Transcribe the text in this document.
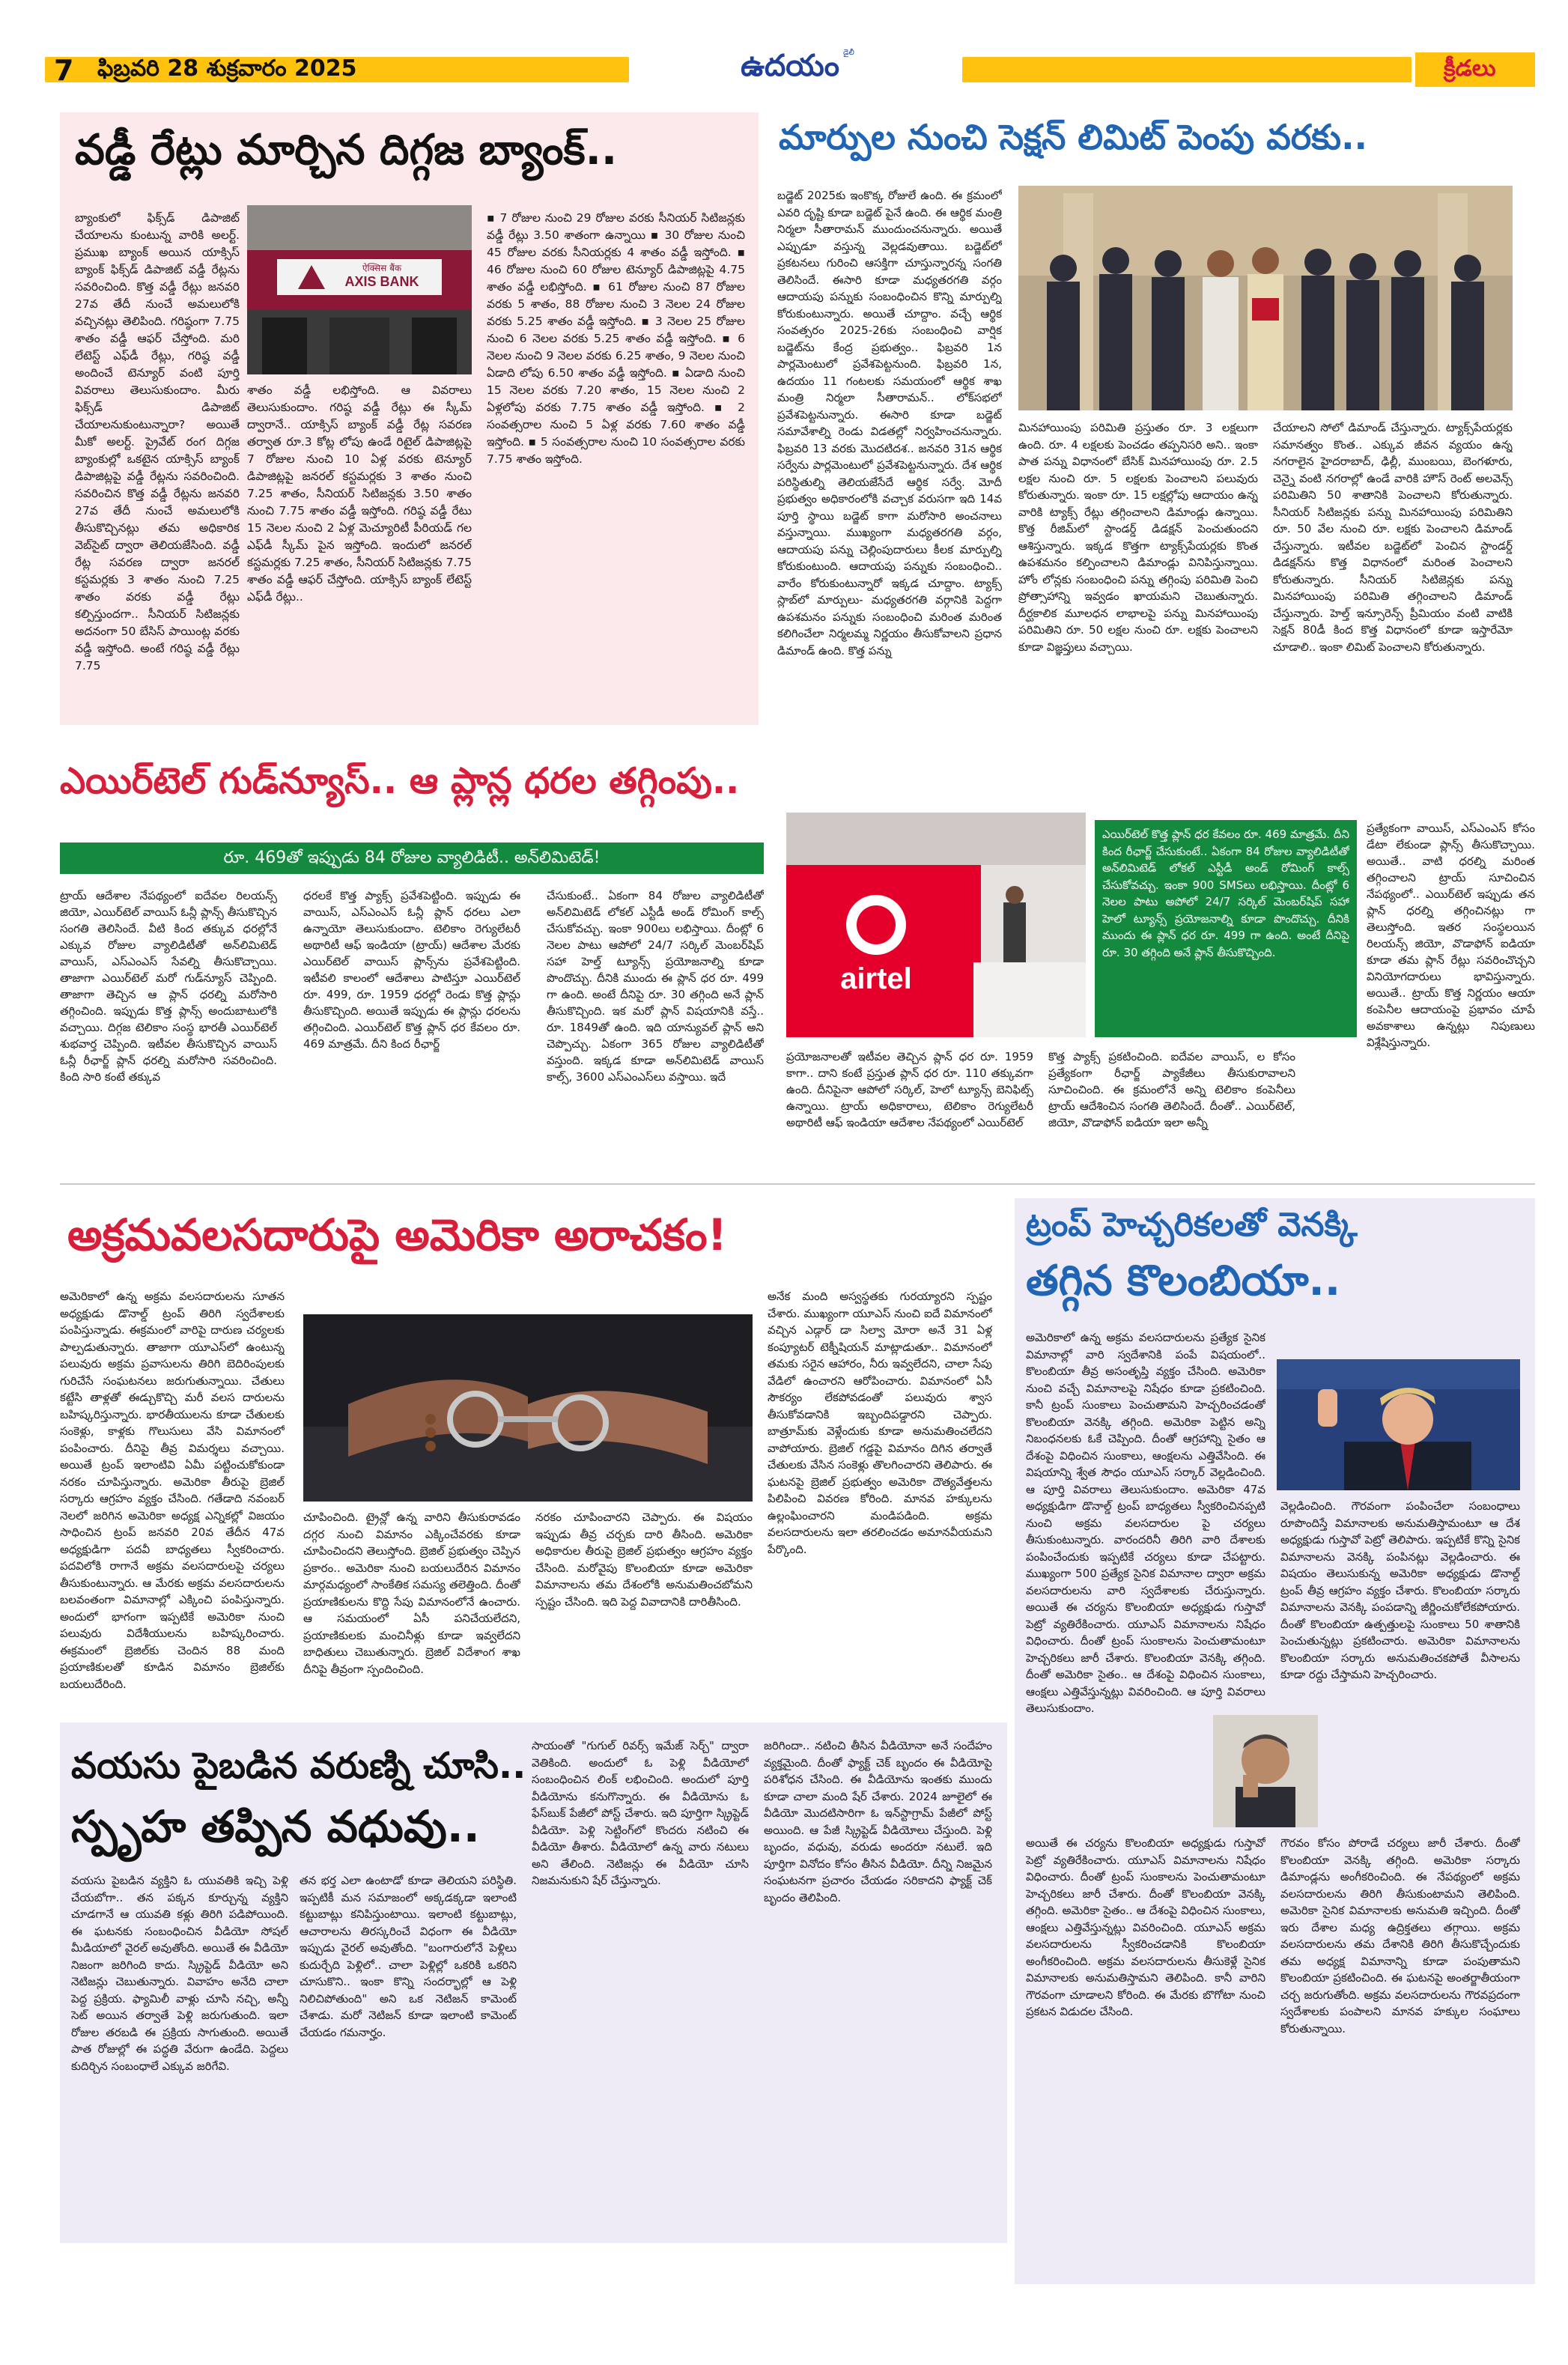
7 ఫిబ్రవరి 28 శుక్రవారం 2025	ఉదయం $^{డైలీ}$
క్రీడలు
వడ్డీ రేట్లు మార్చిన దిగ్గజ బ్యాంక్..
బ్యాంకులో ఫిక్స్‌డ్ డిపాజిట్ చేయాలను కుంటున్న వారికి అలర్ట్. ప్రముఖ బ్యాంక్ అయిన యాక్సిస్ బ్యాంక్ ఫిక్స్‌డ్ డిపాజిట్ వడ్డీ రేట్లను సవరించింది. కొత్త వడ్డీ రేట్లు జనవరి 27వ తేదీ నుంచే అమలులోకి వచ్చినట్లు తెలిపింది. గరిష్ఠంగా 7.75 శాతం వడ్డీ ఆఫర్ చేస్తోంది. మరి లేటెస్ట్ ఎఫ్‌డీ రేట్లు, గరిష్ఠ వడ్డీ అందించే టెన్యూర్ వంటి పూర్తి వివరాలు తెలుసుకుందాం. మీరు ఫిక్స్‌డ్ డిపాజిట్ చేయాలనుకుంటున్నారా? అయితే మీకో అలర్ట్. ప్రైవేట్ రంగ దిగ్గజ బ్యాంకుల్లో ఒకటైన యాక్సిస్ బ్యాంక్ డిపాజిట్లపై వడ్డీ రేట్లను సవరించింది. సవరించిన కొత్త వడ్డీ రేట్లను జనవరి 27వ తేదీ నుంచే అమలులోకి తీసుకొచ్చినట్లు తమ అధికారిక వెబ్‌సైట్ ద్వారా తెలియజేసింది. వడ్డీ రేట్ల సవరణ ద్వారా జనరల్ కస్టమర్లకు 3 శాతం నుంచి 7.25 శాతం వరకు వడ్డీ రేట్లు కల్పిస్తుందగా.. సీనియర్ సిటిజన్లకు అదనంగా 50 బేసిస్ పాయింట్ల వరకు వడ్డీ ఇస్తోంది. అంటే గరిష్ఠ వడ్డీ రేట్లు 7.75
AXIS BANK
ऐक्सिस बैंक
శాతం వడ్డీ లభిస్తోంది. ఆ వివరాలు తెలుసుకుందాం. గరిష్ఠ వడ్డీ రేట్లు ఈ స్కీమ్ ద్వారానే.. యాక్సిస్ బ్యాంక్ వడ్డీ రేట్ల సవరణ తర్వాత రూ.3 కోట్ల లోపు ఉండే రిటైల్ డిపాజిట్లపై 7 రోజుల నుంచి 10 ఏళ్ల వరకు టెన్యూర్ డిపాజిట్లపై జనరల్ కస్టమర్లకు 3 శాతం నుంచి 7.25 శాతం, సీనియర్ సిటిజన్లకు 3.50 శాతం నుంచి 7.75 శాతం వడ్డీ ఇస్తోంది. గరిష్ఠ వడ్డీ రేటు 15 నెలల నుంచి 2 ఏళ్ల మెచ్యూరిటీ పీరియడ్ గల ఎఫ్‌డీ స్కీమ్ పైన ఇస్తోంది. ఇందులో జనరల్ కస్టమర్లకు 7.25 శాతం, సీనియర్ సిటిజన్లకు 7.75 శాతం వడ్డీ ఆఫర్ చేస్తోంది. యాక్సిస్ బ్యాంక్ లేటెస్ట్ ఎఫ్‌డీ రేట్లు..
▪ 7 రోజుల నుంచి 29 రోజుల వరకు సీనియర్ సిటిజన్లకు వడ్డీ రేట్లు 3.50 శాతంగా ఉన్నాయి ▪ 30 రోజుల నుంచి 45 రోజుల వరకు సీనియర్లకు 4 శాతం వడ్డీ ఇస్తోంది. ▪ 46 రోజుల నుంచి 60 రోజుల టెన్యూర్ డిపాజిట్లపై 4.75 శాతం వడ్డీ లభిస్తోంది. ▪ 61 రోజుల నుంచి 87 రోజుల వరకు 5 శాతం, 88 రోజుల నుంచి 3 నెలల 24 రోజుల వరకు 5.25 శాతం వడ్డీ ఇస్తోంది. ▪ 3 నెలల 25 రోజుల నుంచి 6 నెలల వరకు 5.25 శాతం వడ్డీ ఇస్తోంది. ▪ 6 నెలల నుంచి 9 నెలల వరకు 6.25 శాతం, 9 నెలల నుంచి ఏడాది లోపు 6.50 శాతం వడ్డీ ఇస్తోంది. ▪ ఏడాది నుంచి 15 నెలల వరకు 7.20 శాతం, 15 నెలల నుంచి 2 ఏళ్లలోపు వరకు 7.75 శాతం వడ్డీ ఇస్తోంది. ▪ 2 సంవత్సరాల నుంచి 5 ఏళ్ల వరకు 7.60 శాతం వడ్డీ ఇస్తోంది. ▪ 5 సంవత్సరాల నుంచి 10 సంవత్సరాల వరకు 7.75 శాతం ఇస్తోంది.
మార్పుల నుంచి సెక్షన్ లిమిట్ పెంపు వరకు..
బడ్జెట్ 2025కు ఇంకొక్క రోజులే ఉంది. ఈ క్రమంలో ఎవరి దృష్టి కూడా బడ్జెట్ పైనే ఉంది. ఈ ఆర్థిక మంత్రి నిర్మలా సీతారామన్ ముందుంచనున్నారు. అయితే ఎప్పుడూ వస్తున్న వెల్లడవుతాయి. బడ్జెట్‌లో ప్రకటనలు గురించి ఆసక్తిగా చూస్తున్నారన్న సంగతి తెలిసిందే. ఈసారి కూడా మధ్యతరగతి వర్గం ఆదాయపు పన్నుకు సంబంధించిన కొన్ని మార్పుల్ని కోరుకుంటున్నారు. అయితే చూద్దాం. వచ్చే ఆర్థిక సంవత్సరం 2025-26కు సంబంధించి వార్షిక బడ్జెట్‌ను కేంద్ర ప్రభుత్వం.. ఫిబ్రవరి 1న పార్లమెంటులో ప్రవేశపెట్టనుంది. ఫిబ్రవరి 1న, ఉదయం 11 గంటలకు సమయంలో ఆర్థిక శాఖ మంత్రి నిర్మలా సీతారామన్.. లోక్‌సభలో ప్రవేశపెట్టనున్నారు. ఈసారి కూడా బడ్జెట్ సమావేశాల్ని రెండు విడతల్లో నిర్వహించనున్నారు. ఫిబ్రవరి 13 వరకు మొదటిదశ.. జనవరి 31న ఆర్థిక సర్వేను పార్లమెంటులో ప్రవేశపెట్టనున్నారు. దేశ ఆర్థిక పరిస్థితుల్ని తెలియజేసేదే ఆర్థిక సర్వే. మోదీ ప్రభుత్వం అధికారంలోకి వచ్చాక వరుసగా ఇది 14వ పూర్తి స్థాయి బడ్జెట్ కాగా మరోసారి అంచనాలు వస్తున్నాయి. ముఖ్యంగా మధ్యతరగతి వర్గం, ఆదాయపు పన్ను చెల్లింపుదారులు కీలక మార్పుల్ని కోరుకుంటుంది. ఆదాయపు పన్నుకు సంబంధించి.. వారేం కోరుకుంటున్నారో ఇక్కడ చూద్దాం. ట్యాక్స్ స్లాబ్‌లో మార్పులు- మధ్యతరగతి వర్గానికి పెద్దగా ఉపశమనం పన్నుకు సంబంధించి మరింత మరింత కలిగించేలా నిర్మలమ్మ నిర్ణయం తీసుకోవాలని ప్రధాన డిమాండ్ ఉంది. కొత్త పన్ను
మినహాయింపు పరిమితి ప్రస్తుతం రూ. 3 లక్షలుగా ఉంది. రూ. 4 లక్షలకు పెంచడం తప్పనిసరి అని.. ఇంకా పాత పన్ను విధానంలో బేసిక్ మినహాయింపు రూ. 2.5 లక్షల నుంచి రూ. 5 లక్షలకు పెంచాలని పలువురు కోరుతున్నారు. ఇంకా రూ. 15 లక్షల్లోపు ఆదాయం ఉన్న వారికి ట్యాక్స్ రేట్లు తగ్గించాలని డిమాండ్లు ఉన్నాయి. కొత్త రీజిమ్‌లో స్టాండర్డ్ డిడక్షన్ పెంచుతుందని ఆశిస్తున్నారు. ఇక్కడ కొత్తగా ట్యాక్స్‌పేయర్లకు కొంత ఉపశమనం కల్పించాలని డిమాండ్లు వినిపిస్తున్నాయి. హోం లోన్లకు సంబంధించి పన్ను తగ్గింపు పరిమితి పెంచి ప్రోత్సాహాన్ని ఇవ్వడం ఖాయమని చెబుతున్నారు. దీర్ఘకాలిక మూలధన లాభాలపై పన్ను మినహాయింపు పరిమితిని రూ. 50 లక్షల నుంచి రూ. లక్షకు పెంచాలని కూడా విజ్ఞప్తులు వచ్చాయి.
చేయాలని సోలో డిమాండ్ చేస్తున్నారు. ట్యాక్స్‌పేయర్లకు సమానత్వం కొంత.. ఎక్కువ జీవన వ్యయం ఉన్న నగరాలైన హైదరాబాద్, ఢిల్లీ, ముంబయి, బెంగళూరు, చెన్నై వంటి నగరాల్లో ఉండే వారికి హౌస్ రెంట్ అలవెన్స్ పరిమితిని 50 శాతానికి పెంచాలని కోరుతున్నారు. సీనియర్ సిటిజన్లకు పన్ను మినహాయింపు పరిమితిని రూ. 50 వేల నుంచి రూ. లక్షకు పెంచాలని డిమాండ్ చేస్తున్నారు. ఇటీవల బడ్జెట్‌లో పెంచిన స్టాండర్డ్ డిడక్షన్‌ను కొత్త విధానంలో మరింత పెంచాలని కోరుతున్నారు. సీనియర్ సిటిజెన్లకు పన్ను మినహాయింపు పరిమితి తగ్గించాలని డిమాండ్ చేస్తున్నారు. హెల్త్ ఇన్సూరెన్స్ ప్రీమియం వంటి వాటికి సెక్షన్ 80డీ కింద కొత్త విధానంలో కూడా ఇస్తారేమో చూడాలి.. ఇంకా లిమిట్ పెంచాలని కోరుతున్నారు.
ఎయిర్‌టెల్ గుడ్‌న్యూస్.. ఆ ప్లాన్ల ధరల తగ్గింపు..
రూ. 469తో ఇప్పుడు 84 రోజుల వ్యాలిడిటీ.. అన్‌లిమిటెడ్!
ట్రాయ్ ఆదేశాల నేపథ్యంలో ఐదేవల రిలయన్స్ జియో, ఎయిర్‌టెల్ వాయిస్ ఓన్లీ ప్లాన్స్ తీసుకొచ్చిన సంగతి తెలిసిందే. వీటి కింద తక్కువ ధరల్లోనే ఎక్కువ రోజుల వ్యాలిడిటీతో అన్‌లిమిటెడ్ వాయిస్, ఎస్ఎంఎస్ సేవల్ని తీసుకొచ్చాయి. తాజాగా ఎయిర్‌టెల్ మరో గుడ్‌న్యూస్ చెప్పింది. తాజాగా తెచ్చిన ఆ ప్లాన్ ధరల్ని మరోసారి తగ్గించింది. ఇప్పుడు కొత్త ప్లాన్స్ అందుబాటులోకి వచ్చాయి. దిగ్గజ టెలికాం సంస్థ భారతీ ఎయిర్‌టెల్ శుభవార్త చెప్పింది. ఇటీవల తీసుకొచ్చిన వాయిస్ ఓన్లీ రీఛార్జ్ ప్లాన్ ధరల్ని మరోసారి సవరించింది. కింది సారి కంటే తక్కువ
ధరలకే కొత్త ప్యాక్స్ ప్రవేశపెట్టింది. ఇప్పుడు ఈ వాయిస్, ఎస్ఎంఎస్ ఓన్లీ ప్లాన్ ధరలు ఎలా ఉన్నాయో తెలుసుకుందాం. టెలికాం రెగ్యులేటరీ అథారిటీ ఆఫ్ ఇండియా (ట్రాయ్) ఆదేశాల మేరకు ఎయిర్‌టెల్ వాయిస్ ప్లాన్స్‌ను ప్రవేశపెట్టింది. ఇటీవలి కాలంలో ఆదేశాలు పాటిస్తూ ఎయిర్‌టెల్ రూ. 499, రూ. 1959 ధరల్లో రెండు కొత్త ప్లాన్లు తీసుకొచ్చింది. అయితే ఇప్పుడు ఈ ప్లాన్లు ధరలను తగ్గించింది. ఎయిర్‌టెల్ కొత్త ప్లాన్ ధర కేవలం రూ. 469 మాత్రమే. దీని కింద రీఛార్జ్
చేసుకుంటే.. ఏకంగా 84 రోజుల వ్యాలిడిటీతో అన్‌లిమిటెడ్ లోకల్ ఎస్టీడీ అండ్ రోమింగ్ కాల్స్ చేసుకోవచ్చు. ఇంకా 900లు లభిస్తాయి. దీంట్లో 6 నెలల పాటు ఆపోలో 24/7 సర్కిల్ మెంబర్‌షిప్ సహా హెల్త్ ట్యూన్స్ ప్రయోజనాల్ని కూడా పొందొచ్చు. దీనికి ముందు ఈ ప్లాన్ ధర రూ. 499 గా ఉంది. అంటే దీనిపై రూ. 30 తగ్గింది అనే ప్లాన్ తీసుకొచ్చింది. ఇక మరో ప్లాన్ విషయానికి వస్తే.. రూ. 1849తో ఉంది. ఇది యాన్యువల్ ప్లాన్ అని చెప్పొచ్చు. ఏకంగా 365 రోజుల వ్యాలిడిటీతో వస్తుంది. ఇక్కడ కూడా అన్‌లిమిటెడ్ వాయిస్ కాల్స్, 3600 ఎస్ఎంఎస్‌లు వస్తాయి. ఇదే
airtel
ఎయిర్‌టెల్ కొత్త ప్లాన్ ధర కేవలం రూ. 469 మాత్రమే. దీని కింద రీఛార్జ్ చేసుకుంటే.. ఏకంగా 84 రోజుల వ్యాలిడిటీతో అన్‌లిమిటెడ్ లోకల్ ఎస్టీడీ అండ్ రోమింగ్ కాల్స్ చేసుకోవచ్చు. ఇంకా 900 SMSలు లభిస్తాయి. దీంట్లో 6 నెలల పాటు అపోలో 24/7 సర్కిల్ మెంబర్‌షిప్ సహా హెలో ట్యూన్స్ ప్రయోజనాల్ని కూడా పొందొచ్చు. దీనికి ముందు ఈ ప్లాన్ ధర రూ. 499 గా ఉంది. అంటే దీనిపై రూ. 30 తగ్గింది అనే ప్లాన్ తీసుకొచ్చింది.
ప్రయోజనాలతో ఇటీవల తెచ్చిన ప్లాన్ ధర రూ. 1959 కాగా.. దాని కంటే ప్రస్తుత ప్లాన్ ధర రూ. 110 తక్కువగా ఉంది. దీనిపైనా ఆపోలో సర్కిల్, హెలో ట్యూన్స్ బెనిఫిట్స్ ఉన్నాయి. ట్రాయ్ అధికారాలు, టెలికాం రెగ్యులేటరీ అథారిటీ ఆఫ్ ఇండియా ఆదేశాల నేపథ్యంలో ఎయిర్‌టెల్
కొత్త ప్యాక్స్ ప్రకటించింది. ఐదేవల వాయిస్, ల కోసం ప్రత్యేకంగా రీఛార్జ్ ప్యాకేజీలు తీసుకురావాలని సూచించింది. ఈ క్రమంలోనే అన్ని టెలికాం కంపెనీలు ట్రాయ్ ఆదేశించిన సంగతి తెలిసిందే. దీంతో.. ఎయిర్‌టెల్, జియో, వొడాఫోన్ ఐడియా ఇలా అన్నీ
ప్రత్యేకంగా వాయిస్, ఎస్ఎంఎస్ కోసం డేటా లేకుండా ప్లాన్స్ తీసుకొచ్చాయి. అయితే.. వాటి ధరల్ని మరింత తగ్గించాలని ట్రాయ్ సూచించిన నేపథ్యంలో.. ఎయిర్‌టెల్ ఇప్పుడు తన ప్లాన్ ధరల్ని తగ్గించినట్లు గా తెలుస్తోంది. ఇతర సంస్థలయిన రిలయన్స్ జియో, వొడాఫోన్ ఐడియా కూడా తమ ప్లాన్ రేట్లు సవరించొచ్చని వినియోగదారులు భావిస్తున్నారు. అయితే.. ట్రాయ్ కొత్త నిర్ణయం ఆయా కంపెనీల ఆదాయంపై ప్రభావం చూపే అవకాశాలు ఉన్నట్లు నిపుణులు విశ్లేషిస్తున్నారు.
అక్రమవలసదారుపై అమెరికా అరాచకం!
అమెరికాలో ఉన్న అక్రమ వలసదారులను సూతన అధ్యక్షుడు డొనాల్డ్ ట్రంప్ తిరిగి స్వదేశాలకు పంపిస్తున్నాడు. ఈక్రమంలో వారిపై దారుణ చర్యలకు పాల్పడుతున్నారు. తాజాగా యూఎస్‌లో ఉంటున్న పలువురు అక్రమ ప్రవాసులను తిరిగి బెదిరింపులకు గురిచేసే సంఘటనలు జరుగుతున్నాయి. చేతులు కట్టేసి తాళ్లతో ఈడ్చుకొచ్చి మరీ వలస దారులను బహిష్కరిస్తున్నారు. భారతీయులను కూడా చేతులకు సంకెళ్లు, కాళ్లకు గొలుసులు వేసి విమానంలో పంపించారు. దీనిపై తీవ్ర విమర్శలు వచ్చాయి. అయితే ట్రంప్ ఇలాంటివి ఏమీ పట్టించుకోకుండా నరకం చూపిస్తున్నారు. అమెరికా తీరుపై బ్రెజిల్ సర్కారు ఆగ్రహం వ్యక్తం చేసింది. గతేడాది నవంబర్ నెలలో జరిగిన అమెరికా అధ్యక్ష ఎన్నికల్లో విజయం సాధించిన ట్రంప్ జనవరి 20వ తేదీన 47వ అధ్యక్షుడిగా పదవీ బాధ్యతలు స్వీకరించారు. పదవిలోకి రాగానే అక్రమ వలసదారులపై చర్యలు తీసుకుంటున్నారు. ఆ మేరకు అక్రమ వలసదారులను బలవంతంగా విమానాల్లో ఎక్కించి పంపిస్తున్నారు. అందులో భాగంగా ఇప్పటికే అమెరికా నుంచి పలువురు విదేశీయులను బహిష్కరించారు. ఈక్రమంలో బ్రెజిల్‌కు చెందిన 88 మంది ప్రయాణికులతో కూడిన విమానం బ్రెజిల్‌కు బయలుదేరింది.
చూపించింది. ట్రైన్లో ఉన్న వారిని తీసుకురావడం దగ్గర నుంచి విమానం ఎక్కించేవరకు కూడా చూపించిందని తెలుస్తోంది. బ్రెజిల్ ప్రభుత్వం చెప్పిన ప్రకారం.. అమెరికా నుంచి బయలుదేరిన విమానం మార్గమధ్యంలో సాంకేతిక సమస్య తలెత్తింది. దీంతో ప్రయాణికులను కొద్ది సేపు విమానంలోనే ఉంచారు. ఆ సమయంలో ఏసీ పనిచేయలేదని, ప్రయాణికులకు మంచినీళ్లు కూడా ఇవ్వలేదని బాధితులు చెబుతున్నారు. బ్రెజిల్ విదేశాంగ శాఖ దీనిపై తీవ్రంగా స్పందించింది.
నరకం చూపించారని చెప్పారు. ఈ విషయం ఇప్పుడు తీవ్ర చర్చకు దారి తీసింది. అమెరికా అధికారుల తీరుపై బ్రెజిల్ ప్రభుత్వం ఆగ్రహం వ్యక్తం చేసింది. మరోవైపు కొలంబియా కూడా అమెరికా విమానాలను తమ దేశంలోకి అనుమతించబోమని స్పష్టం చేసింది. ఇది పెద్ద వివాదానికి దారితీసింది.
అనేక మంది అస్వస్థతకు గురయ్యారని స్పష్టం చేశారు. ముఖ్యంగా యూఎస్ నుంచి ఐదే విమానంలో వచ్చిన ఎడ్గార్ డా సిల్వా మోరా అనే 31 ఏళ్ల కంప్యూటర్ టెక్నీషియన్ మాట్లాడుతూ.. విమానంలో తమకు సరైన ఆహారం, నీరు ఇవ్వలేదని, చాలా సేపు వేడిలో ఉంచారని ఆరోపించారు. విమానంలో ఏసీ సౌకర్యం లేకపోవడంతో పలువురు శ్వాస తీసుకోవడానికి ఇబ్బందిపడ్డారని చెప్పారు. బాత్రూమ్‌కు వెళ్లేందుకు కూడా అనుమతించలేదని వాపోయారు. బ్రెజిల్ గడ్డపై విమానం దిగిన తర్వాతే చేతులకు వేసిన సంకెళ్లు తొలగించారని తెలిపారు. ఈ ఘటనపై బ్రెజిల్ ప్రభుత్వం అమెరికా దౌత్యవేత్తలను పిలిపించి వివరణ కోరింది. మానవ హక్కులను ఉల్లంఘించారని మండిపడింది. అక్రమ వలసదారులను ఇలా తరలించడం అమానవీయమని పేర్కొంది.
ట్రంప్ హెచ్చరికలతో వెనక్కి
తగ్గిన కొలంబియా..
అమెరికాలో ఉన్న అక్రమ వలసదారులను ప్రత్యేక సైనిక విమానాల్లో వారి స్వదేశానికి పంపే విషయంలో.. కొలంబియా తీవ్ర అసంతృప్తి వ్యక్తం చేసింది. అమెరికా నుంచి వచ్చే విమానాలపై నిషేధం కూడా ప్రకటించింది. కానీ ట్రంప్ సుంకాలు పెంచుతామని హెచ్చరించడంతో కొలంబియా వెనక్కి తగ్గింది. అమెరికా పెట్టిన అన్ని నిబంధనలకు ఓకే చెప్పింది. దీంతో ఆగ్రహాన్ని సైతం ఆ దేశంపై విధించిన సుంకాలు, ఆంక్షలను ఎత్తివేసింది. ఈ విషయాన్ని శ్వేత సౌధం యూఎస్ సర్కార్ వెల్లడించింది. ఆ పూర్తి వివరాలు తెలుసుకుందాం. అమెరికా 47వ అధ్యక్షుడిగా డొనాల్డ్ ట్రంప్ బాధ్యతలు స్వీకరించినప్పటి నుంచి అక్రమ వలసదారుల పై చర్యలు తీసుకుంటున్నారు. వారందరినీ తిరిగి వారి దేశాలకు పంపించేందుకు ఇప్పటికే చర్యలు కూడా చేపట్టారు. ముఖ్యంగా 500 ప్రత్యేక సైనిక విమానాల ద్వారా అక్రమ వలసదారులను వారి స్వదేశాలకు చేరుస్తున్నారు. అయితే ఈ చర్యను కొలంబియా అధ్యక్షుడు గుస్తావో పెట్రో వ్యతిరేకించారు. యూఎస్ విమానాలను నిషేధం విధించారు. దీంతో ట్రంప్ సుంకాలను పెంచుతామంటూ హెచ్చరికలు జారీ చేశారు. కొలంబియా వెనక్కి తగ్గింది. దీంతో అమెరికా సైతం.. ఆ దేశంపై విధించిన సుంకాలు, ఆంక్షలు ఎత్తివేస్తున్నట్లు వివరించింది. ఆ పూర్తి వివరాలు తెలుసుకుందాం.
వెల్లడించింది. గౌరవంగా పంపించేలా సంబంధాలు రూపొందిస్తే విమానాలకు అనుమతిస్తామంటూ ఆ దేశ అధ్యక్షుడు గుస్తావో పెట్రో తెలిపారు. ఇప్పటికే కొన్ని సైనిక విమానాలను వెనక్కి పంపినట్లు వెల్లడించారు. ఈ విషయం తెలుసుకున్న అమెరికా అధ్యక్షుడు డొనాల్డ్ ట్రంప్ తీవ్ర ఆగ్రహం వ్యక్తం చేశారు. కొలంబియా సర్కారు విమానాలను వెనక్కి పంపడాన్ని జీర్ణించుకోలేకపోయారు. దీంతో కొలంబియా ఉత్పత్తులపై సుంకాలు 50 శాతానికి పెంచుతున్నట్లు ప్రకటించారు. అమెరికా విమానాలను కొలంబియా సర్కారు అనుమతించకపోతే వీసాలను కూడా రద్దు చేస్తామని హెచ్చరించారు.
అయితే ఈ చర్యను కొలంబియా అధ్యక్షుడు గుస్తావో పెట్రో వ్యతిరేకించారు. యూఎస్ విమానాలను నిషేధం విధించారు. దీంతో ట్రంప్ సుంకాలను పెంచుతామంటూ హెచ్చరికలు జారీ చేశారు. దీంతో కొలంబియా వెనక్కి తగ్గింది. అమెరికా సైతం.. ఆ దేశంపై విధించిన సుంకాలు, ఆంక్షలు ఎత్తివేస్తున్నట్లు వివరించింది. యూఎస్ అక్రమ వలసదారులను స్వీకరించడానికి కొలంబియా అంగీకరించింది. అక్రమ వలసదారులను తీసుకెళ్లే సైనిక విమానాలకు అనుమతిస్తామని తెలిపింది. కానీ వారిని గౌరవంగా చూడాలని కోరింది. ఈ మేరకు బొగోటా నుంచి ప్రకటన విడుదల చేసింది.
గౌరవం కోసం పోరాడే చర్యలు జారీ చేశారు. దీంతో కొలంబియా వెనక్కి తగ్గింది. అమెరికా సర్కారు డిమాండ్లను అంగీకరించింది. ఈ నేపథ్యంలో అక్రమ వలసదారులను తిరిగి తీసుకుంటామని తెలిపింది. అమెరికా సైనిక విమానాలకు అనుమతి ఇచ్చింది. దీంతో ఇరు దేశాల మధ్య ఉద్రిక్తతలు తగ్గాయి. అక్రమ వలసదారులను తమ దేశానికి తిరిగి తీసుకొచ్చేందుకు తమ అధ్యక్ష విమానాన్ని కూడా పంపుతామని కొలంబియా ప్రకటించింది. ఈ ఘటనపై అంతర్జాతీయంగా చర్చ జరుగుతోంది. అక్రమ వలసదారులను గౌరవప్రదంగా స్వదేశాలకు పంపాలని మానవ హక్కుల సంఘాలు కోరుతున్నాయి.
వయసు పైబడిన వరుణ్ని చూసి..
స్పృహ తప్పిన వధువు..
వయసు పైబడిన వ్యక్తిని ఓ యువతికి ఇచ్చి పెళ్లి చేయబోగా.. తన పక్కన కూర్చున్న వ్యక్తిని చూడగానే ఆ యువతి కళ్లు తిరిగి పడిపోయింది. ఈ ఘటనకు సంబంధించిన వీడియో సోషల్ మీడియాలో వైరల్ అవుతోంది. అయితే ఈ వీడియో నిజంగా జరిగింది కాదు. స్క్రిప్టెడ్ వీడియో అని నెటిజన్లు చెబుతున్నారు. వివాహం అనేది చాలా పెద్ద ప్రక్రియ. ఫ్యామిలీ వాళ్లు చూసి నచ్చి, అన్నీ సెట్ అయిన తర్వాతే పెళ్లి జరుగుతుంది. ఇలా రోజుల తరబడి ఈ ప్రక్రియ సాగుతుంది. అయితే పాత రోజుల్లో ఈ పద్ధతి వేరుగా ఉండేది. పెద్దలు కుదిర్చిన సంబంధాలే ఎక్కువ జరిగేవి.
తన భర్త ఎలా ఉంటాడో కూడా తెలియని పరిస్థితి. ఇప్పటికీ మన సమాజంలో అక్కడక్కడా ఇలాంటి కట్టుబాట్లు కనిపిస్తుంటాయి. ఇలాంటి కట్టుబాట్లు, ఆచారాలను తిరస్కరించే విధంగా ఈ వీడియో ఇప్పుడు వైరల్ అవుతోంది. "బంగారులోనే పెళ్లిలు కుదుర్చేది పెళ్లిలో.. చాలా పెళ్లిల్లో ఒకరికి ఒకరిని చూసుకొని.. ఇంకా కొన్ని సందర్భాల్లో ఆ పెళ్లి నిలిచిపోతుంది" అని ఒక నెటిజన్ కామెంట్ చేశాడు. మరో నెటిజన్ కూడా ఇలాంటి కామెంట్ చేయడం గమనార్హం.
సాయంతో "గుగుల్ రివర్స్ ఇమేజ్ సెర్చ్" ద్వారా వెతికింది. అందులో ఓ పెళ్లి వీడియోలో సంబంధించిన లింక్ లభించింది. అందులో పూర్తి వీడియోను కనుగొన్నారు. ఈ వీడియోను ఓ ఫేస్‌బుక్ పేజీలో పోస్ట్ చేశారు. ఇది పూర్తిగా స్క్రిప్టెడ్ వీడియో. పెళ్లి సెట్టింగ్‌లో కొందరు నటించి ఈ వీడియో తీశారు. వీడియోలో ఉన్న వారు నటులు అని తేలింది. నెటిజన్లు ఈ వీడియో చూసి నిజమనుకుని షేర్ చేస్తున్నారు.
జరిగిందా.. నటించి తీసిన వీడియోనా అనే సందేహం వ్యక్తమైంది. దీంతో ఫ్యాక్ట్ చెక్ బృందం ఈ వీడియోపై పరిశోధన చేసింది. ఈ వీడియోను ఇంతకు ముందు కూడా చాలా మంది షేర్ చేశారు. 2024 జూలైలో ఈ వీడియో మొదటిసారిగా ఓ ఇన్‌స్టాగ్రామ్ పేజీలో పోస్ట్ అయింది. ఆ పేజీ స్క్రిప్టెడ్ వీడియోలు చేస్తుంది. పెళ్లి బృందం, వధువు, వరుడు అందరూ నటులే. ఇది పూర్తిగా వినోదం కోసం తీసిన వీడియో. దీన్ని నిజమైన సంఘటనగా ప్రచారం చేయడం సరికాదని ఫ్యాక్ట్ చెక్ బృందం తెలిపింది.
